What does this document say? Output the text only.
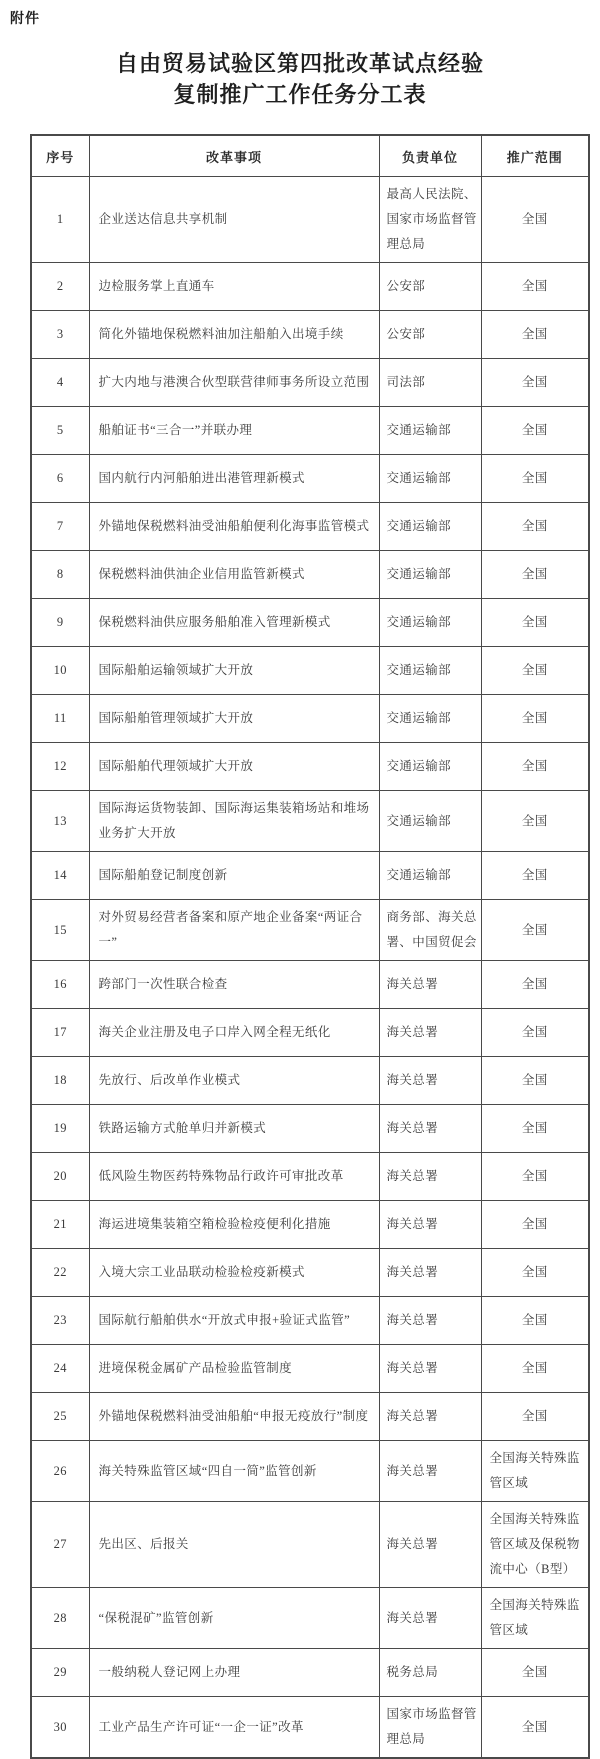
附件
自由贸易试验区第四批改革试点经验
复制推广工作任务分工表
序号	改革事项	负责单位	推广范围
1	企业送达信息共享机制	最高人民法院、国家市场监督管理总局	全国
2	边检服务掌上直通车	公安部	全国
3	简化外锚地保税燃料油加注船舶入出境手续	公安部	全国
4	扩大内地与港澳合伙型联营律师事务所设立范围	司法部	全国
5	船舶证书“三合一”并联办理	交通运输部	全国
6	国内航行内河船舶进出港管理新模式	交通运输部	全国
7	外锚地保税燃料油受油船舶便利化海事监管模式	交通运输部	全国
8	保税燃料油供油企业信用监管新模式	交通运输部	全国
9	保税燃料油供应服务船舶准入管理新模式	交通运输部	全国
10	国际船舶运输领域扩大开放	交通运输部	全国
11	国际船舶管理领域扩大开放	交通运输部	全国
12	国际船舶代理领域扩大开放	交通运输部	全国
13	国际海运货物装卸、国际海运集装箱场站和堆场业务扩大开放	交通运输部	全国
14	国际船舶登记制度创新	交通运输部	全国
15	对外贸易经营者备案和原产地企业备案“两证合一”	商务部、海关总署、中国贸促会	全国
16	跨部门一次性联合检查	海关总署	全国
17	海关企业注册及电子口岸入网全程无纸化	海关总署	全国
18	先放行、后改单作业模式	海关总署	全国
19	铁路运输方式舱单归并新模式	海关总署	全国
20	低风险生物医药特殊物品行政许可审批改革	海关总署	全国
21	海运进境集装箱空箱检验检疫便利化措施	海关总署	全国
22	入境大宗工业品联动检验检疫新模式	海关总署	全国
23	国际航行船舶供水“开放式申报+验证式监管”	海关总署	全国
24	进境保税金属矿产品检验监管制度	海关总署	全国
25	外锚地保税燃料油受油船舶“申报无疫放行”制度	海关总署	全国
26	海关特殊监管区域“四自一简”监管创新	海关总署	全国海关特殊监管区域
27	先出区、后报关	海关总署	全国海关特殊监管区域及保税物流中心（B型）
28	“保税混矿”监管创新	海关总署	全国海关特殊监管区域
29	一般纳税人登记网上办理	税务总局	全国
30	工业产品生产许可证“一企一证”改革	国家市场监督管理总局	全国
